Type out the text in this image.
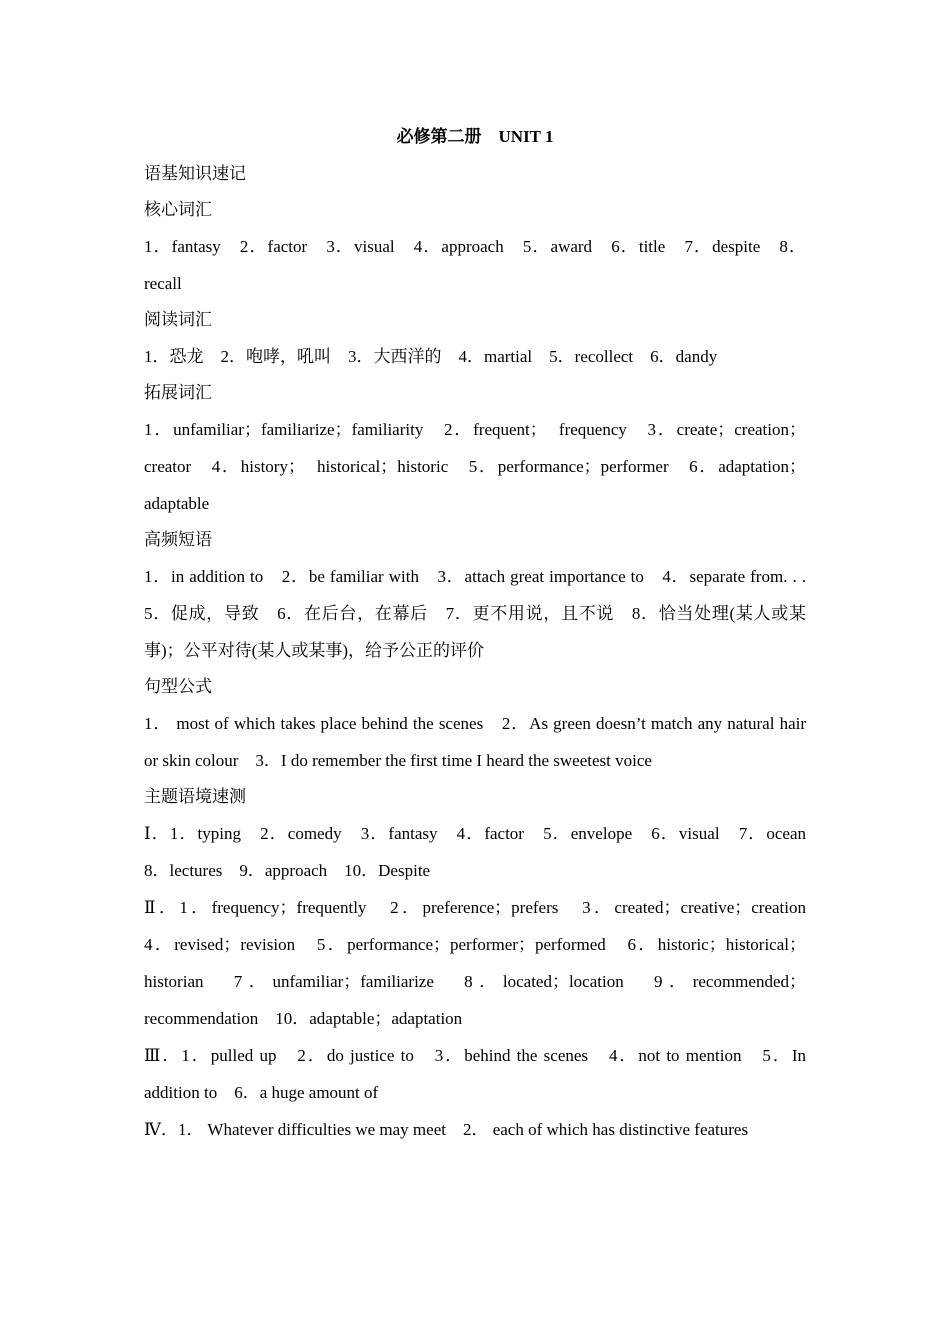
必修第二册　UNIT 1
语基知识速记
核心词汇
1．fantasy　2．factor　3．visual　4．approach　5．award　6．title　7．despite　8．recall
阅读词汇
1．恐龙　2．咆哮，吼叫　3．大西洋的　4．martial　5．recollect　6．dandy
拓展词汇
1．unfamiliar；familiarize；familiarity　2．frequent；　frequency　3．create；creation；creator　4．history；　historical；historic　5．performance；performer　6．adaptation；adaptable
高频短语
1．in addition to　2．be familiar with　3．attach great importance to　4．separate from. . .　5．促成，导致　6．在后台，在幕后　7．更不用说，且不说　8．恰当处理(某人或某事)；公平对待(某人或某事)，给予公正的评价
句型公式
1． most of which takes place behind the scenes　2．As green doesn’t match any natural hair or skin colour　3．I do remember the first time I heard the sweetest voice
主题语境速测
Ⅰ．1．typing　2．comedy　3．fantasy　4．factor　5．envelope　6．visual　7．ocean　8．lectures　9．approach　10．Despite
Ⅱ．1．frequency；frequently　2．preference；prefers　3．created；creative；creation　4．revised；revision　5．performance；performer；performed　6．historic；historical；historian　7．unfamiliar；familiarize　8．located；location　9．recommended；recommendation　10．adaptable；adaptation
Ⅲ．1．pulled up　2．do justice to　3．behind the scenes　4．not to mention　5．In addition to　6．a huge amount of
Ⅳ．1． Whatever difficulties we may meet　2． each of which has distinctive features
